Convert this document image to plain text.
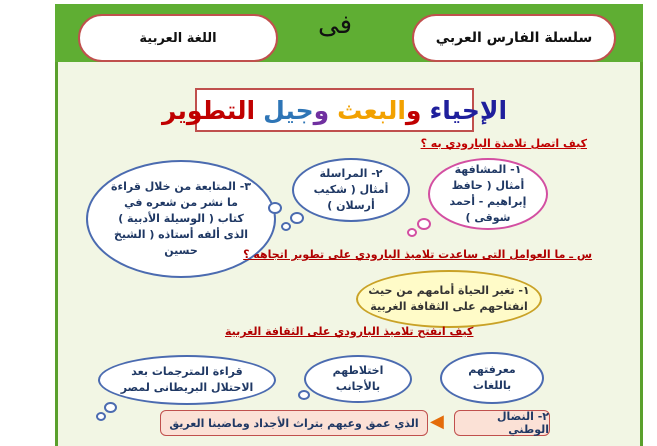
سلسلة الفارس العربي
فى
اللغة العربية
الإحياء
و
البعث
و
جيل
التطوير
كيف اتصل تلامذة البارودي به ؟
١- المشافهة أمثال ( حافظ إبراهيم - أحمد شوقى )
٢- المراسلة أمثال ( شكيب أرسلان )
٣- المتابعة من خلال قراءة ما نشر من شعره في كتاب ( الوسيلة الأدبية ) الذى ألفه أستاذه ( الشيخ حسين	س ـ ما العوامل التى ساعدت تلاميذ البارودي على تطوير اتجاهه ؟
١- تغير الحياة أمامهم من حيث انفتاحهم على الثقافة الغربية
كيف انفتح تلاميذ البارودي على الثقافة الغربية
معرفتهم باللغات
اختلاطهم بالأجانب
قراءة المترجمات بعد الاحتلال البريطانى لمصر
٢- النضال الوطني
◀
الذي عمق وعيهم بتراث الأجداد وماضينا العريق
